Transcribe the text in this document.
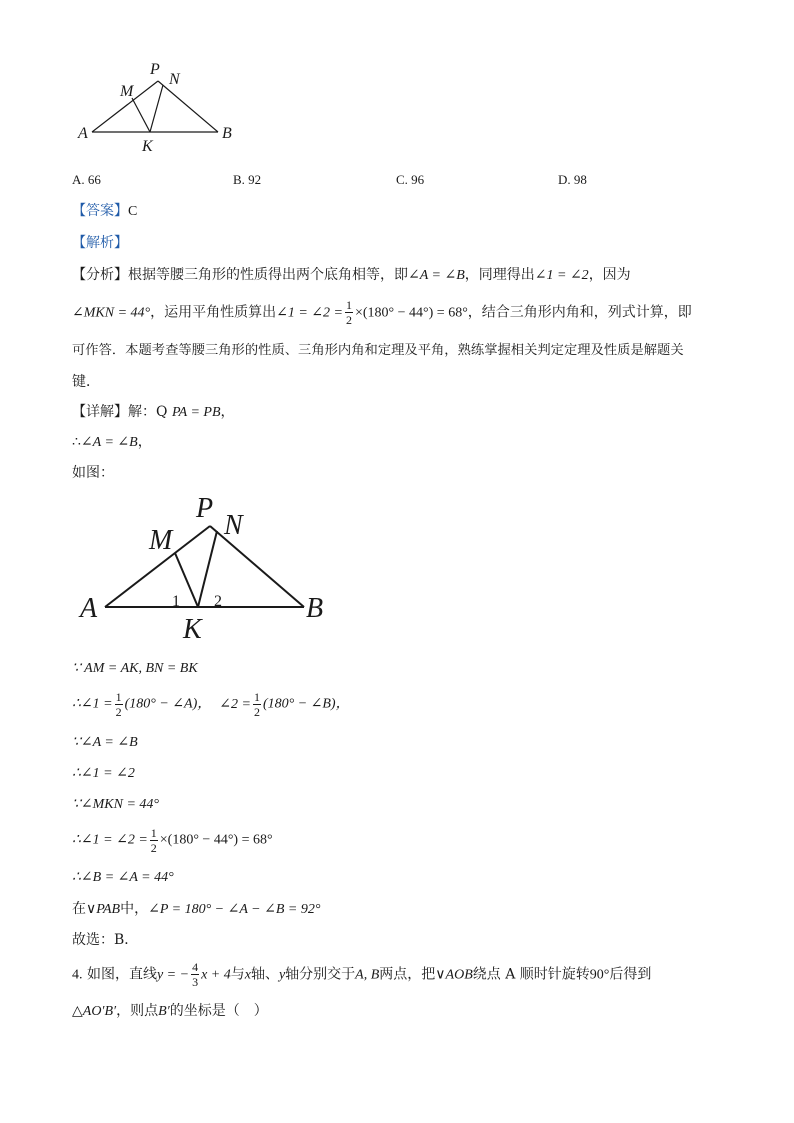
P
N
M
A	B
K
A. 66	B. 92	C. 96	D. 98
【答案】C
【解析】
【分析】根据等腰三角形的性质得出两个底角相等，即∠A = ∠B，同理得出∠1 = ∠2，因为
∠MKN = 44°，运用平角性质算出∠1 = ∠2 = $\frac{1}{2} \times(180^\circ - 44^\circ) = 68^\circ$，结合三角形内角和，列式计算，即
可作答．本题考查等腰三角形的性质、三角形内角和定理及平角，熟练掌握相关判定定理及性质是解题关
键．
【详解】解：Q PA = PB，
∴∠A = ∠B，
如图：
P
N
M
A	B
K
1 2
∵ AM = AK, BN = BK
∴∠1 = $\frac{1}{2} (180^\circ$ − ∠A)， ∠2 = $\frac{1}{2} (180^\circ$ − ∠B)，
∵∠A = ∠B
∴∠1 = ∠2
∵∠MKN = 44°
∴∠1 = ∠2 = $\frac{1}{2} \times(180^\circ - 44^\circ) = 68^\circ$
∴∠B = ∠A = 44°
在∨PAB中，∠P = 180° − ∠A − ∠B = 92°
故选：B．
4. 如图，直线y = − $\frac{4}{3}$ x + 4与x轴、y轴分别交于A, B两点，把∨AOB绕点 A 顺时针旋转90°后得到
△AO′B′，则点B′的坐标是（　）
